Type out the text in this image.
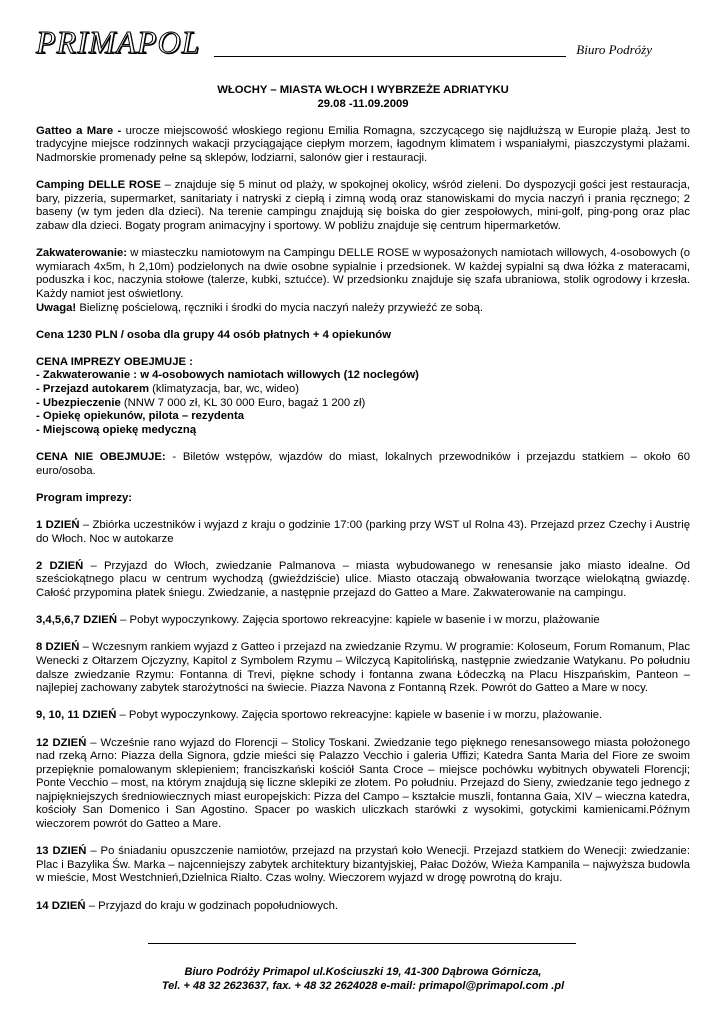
PRIMAPOL	Biuro Podróży
WŁOCHY – MIASTA WŁOCH I WYBRZEŻE ADRIATYKU
29.08 -11.09.2009

Gatteo a Mare - urocze miejscowość włoskiego regionu Emilia Romagna, szczycącego się najdłuższą w Europie plażą. Jest to tradycyjne miejsce rodzinnych wakacji przyciągające ciepłym morzem, łagodnym klimatem i wspaniałymi, piaszczystymi plażami. Nadmorskie promenady pełne są sklepów, lodziarni, salonów gier i restauracji.

Camping DELLE ROSE – znajduje się 5 minut od plaży, w spokojnej okolicy, wśród zieleni. Do dyspozycji gości jest restauracja, bary, pizzeria, supermarket, sanitariaty i natryski z ciepłą i zimną wodą oraz stanowiskami do mycia naczyń i prania ręcznego; 2 baseny (w tym jeden dla dzieci). Na terenie campingu znajdują się boiska do gier zespołowych, mini-golf, ping-pong oraz plac zabaw dla dzieci. Bogaty program animacyjny i sportowy. W pobliżu znajduje się centrum hipermarketów.

Zakwaterowanie: w miasteczku namiotowym na Campingu DELLE ROSE w wyposażonych namiotach willowych, 4-osobowych (o wymiarach 4x5m, h 2,10m) podzielonych na dwie osobne sypialnie i przedsionek. W każdej sypialni są dwa łóżka z materacami, poduszka i koc, naczynia stołowe (talerze, kubki, sztućce). W przedsionku znajduje się szafa ubraniowa, stolik ogrodowy i krzesła. Każdy namiot jest oświetlony.
Uwaga! Bieliznę pościelową, ręczniki i środki do mycia naczyń należy przywieźć ze sobą.

Cena 1230 PLN / osoba dla grupy 44 osób płatnych + 4 opiekunów

CENA IMPREZY OBEJMUJE :
- Zakwaterowanie : w 4-osobowych namiotach willowych (12 noclegów)
- Przejazd autokarem (klimatyzacja, bar, wc, wideo)
- Ubezpieczenie (NNW 7 000 zł, KL 30 000 Euro, bagaż 1 200 zł)
- Opiekę opiekunów, pilota – rezydenta
- Miejscową opiekę medyczną

CENA NIE OBEJMUJE: - Biletów wstępów, wjazdów do miast, lokalnych przewodników i przejazdu statkiem – około 60 euro/osoba.

Program imprezy:

1 DZIEŃ – Zbiórka uczestników i wyjazd z kraju o godzinie 17:00 (parking przy WST ul Rolna 43). Przejazd przez Czechy i Austrię do Włoch. Noc w autokarze

2 DZIEŃ – Przyjazd do Włoch, zwiedzanie Palmanova – miasta wybudowanego w renesansie jako miasto idealne. Od sześciokątnego placu w centrum wychodzą (gwieździście) ulice. Miasto otaczają obwałowania tworzące wielokątną gwiazdę. Całość przypomina płatek śniegu. Zwiedzanie, a następnie przejazd do Gatteo a Mare. Zakwaterowanie na campingu.

3,4,5,6,7 DZIEŃ – Pobyt wypoczynkowy. Zajęcia sportowo rekreacyjne: kąpiele w basenie i w morzu, plażowanie

8 DZIEŃ – Wczesnym rankiem wyjazd z Gatteo i przejazd na zwiedzanie Rzymu. W programie: Koloseum, Forum Romanum, Plac Wenecki z Ołtarzem Ojczyzny, Kapitol z Symbolem Rzymu – Wilczycą Kapitolińską, następnie zwiedzanie Watykanu. Po południu dalsze zwiedzanie Rzymu: Fontanna di Trevi, piękne schody i fontanna zwana Łódeczką na Placu Hiszpańskim, Panteon – najlepiej zachowany zabytek starożytności na świecie. Piazza Navona z Fontanną Rzek. Powrót do Gatteo a Mare w nocy.

9, 10, 11 DZIEŃ – Pobyt wypoczynkowy. Zajęcia sportowo rekreacyjne: kąpiele w basenie i w morzu, plażowanie.

12 DZIEŃ – Wcześnie rano wyjazd do Florencji – Stolicy Toskani. Zwiedzanie tego pięknego renesansowego miasta położonego nad rzeką Arno: Piazza della Signora, gdzie mieści się Palazzo Vecchio i galeria Uffizi; Katedra Santa Maria del Fiore ze swoim przepięknie pomalowanym sklepieniem; franciszkański kościół Santa Croce – miejsce pochówku wybitnych obywateli Florencji; Ponte Vecchio – most, na którym znajdują się liczne sklepiki ze złotem. Po południu. Przejazd do Sieny, zwiedzanie tego jednego z najpiękniejszych średniowiecznych miast europejskich: Pizza del Campo – kształcie muszli, fontanna Gaia, XIV – wieczna katedra, kościoły San Domenico i San Agostino. Spacer po waskich uliczkach starówki z wysokimi, gotyckimi kamienicami.Późnym wieczorem powrót do Gatteo a Mare.

13 DZIEŃ – Po śniadaniu opuszczenie namiotów, przejazd na przystań koło Wenecji. Przejazd statkiem do Wenecji: zwiedzanie: Plac i Bazylika Św. Marka – najcenniejszy zabytek architektury bizantyjskiej, Pałac Dożów, Wieża Kampanila – najwyższa budowla w mieście, Most Westchnień,Dzielnica Rialto. Czas wolny. Wieczorem wyjazd w drogę powrotną do kraju.

14 DZIEŃ – Przyjazd do kraju w godzinach popołudniowych.

Biuro Podróży Primapol ul.Kościuszki 19, 41-300 Dąbrowa Górnicza,
Tel. + 48 32 2623637, fax. + 48 32 2624028 e-mail: primapol@primapol.com .pl
